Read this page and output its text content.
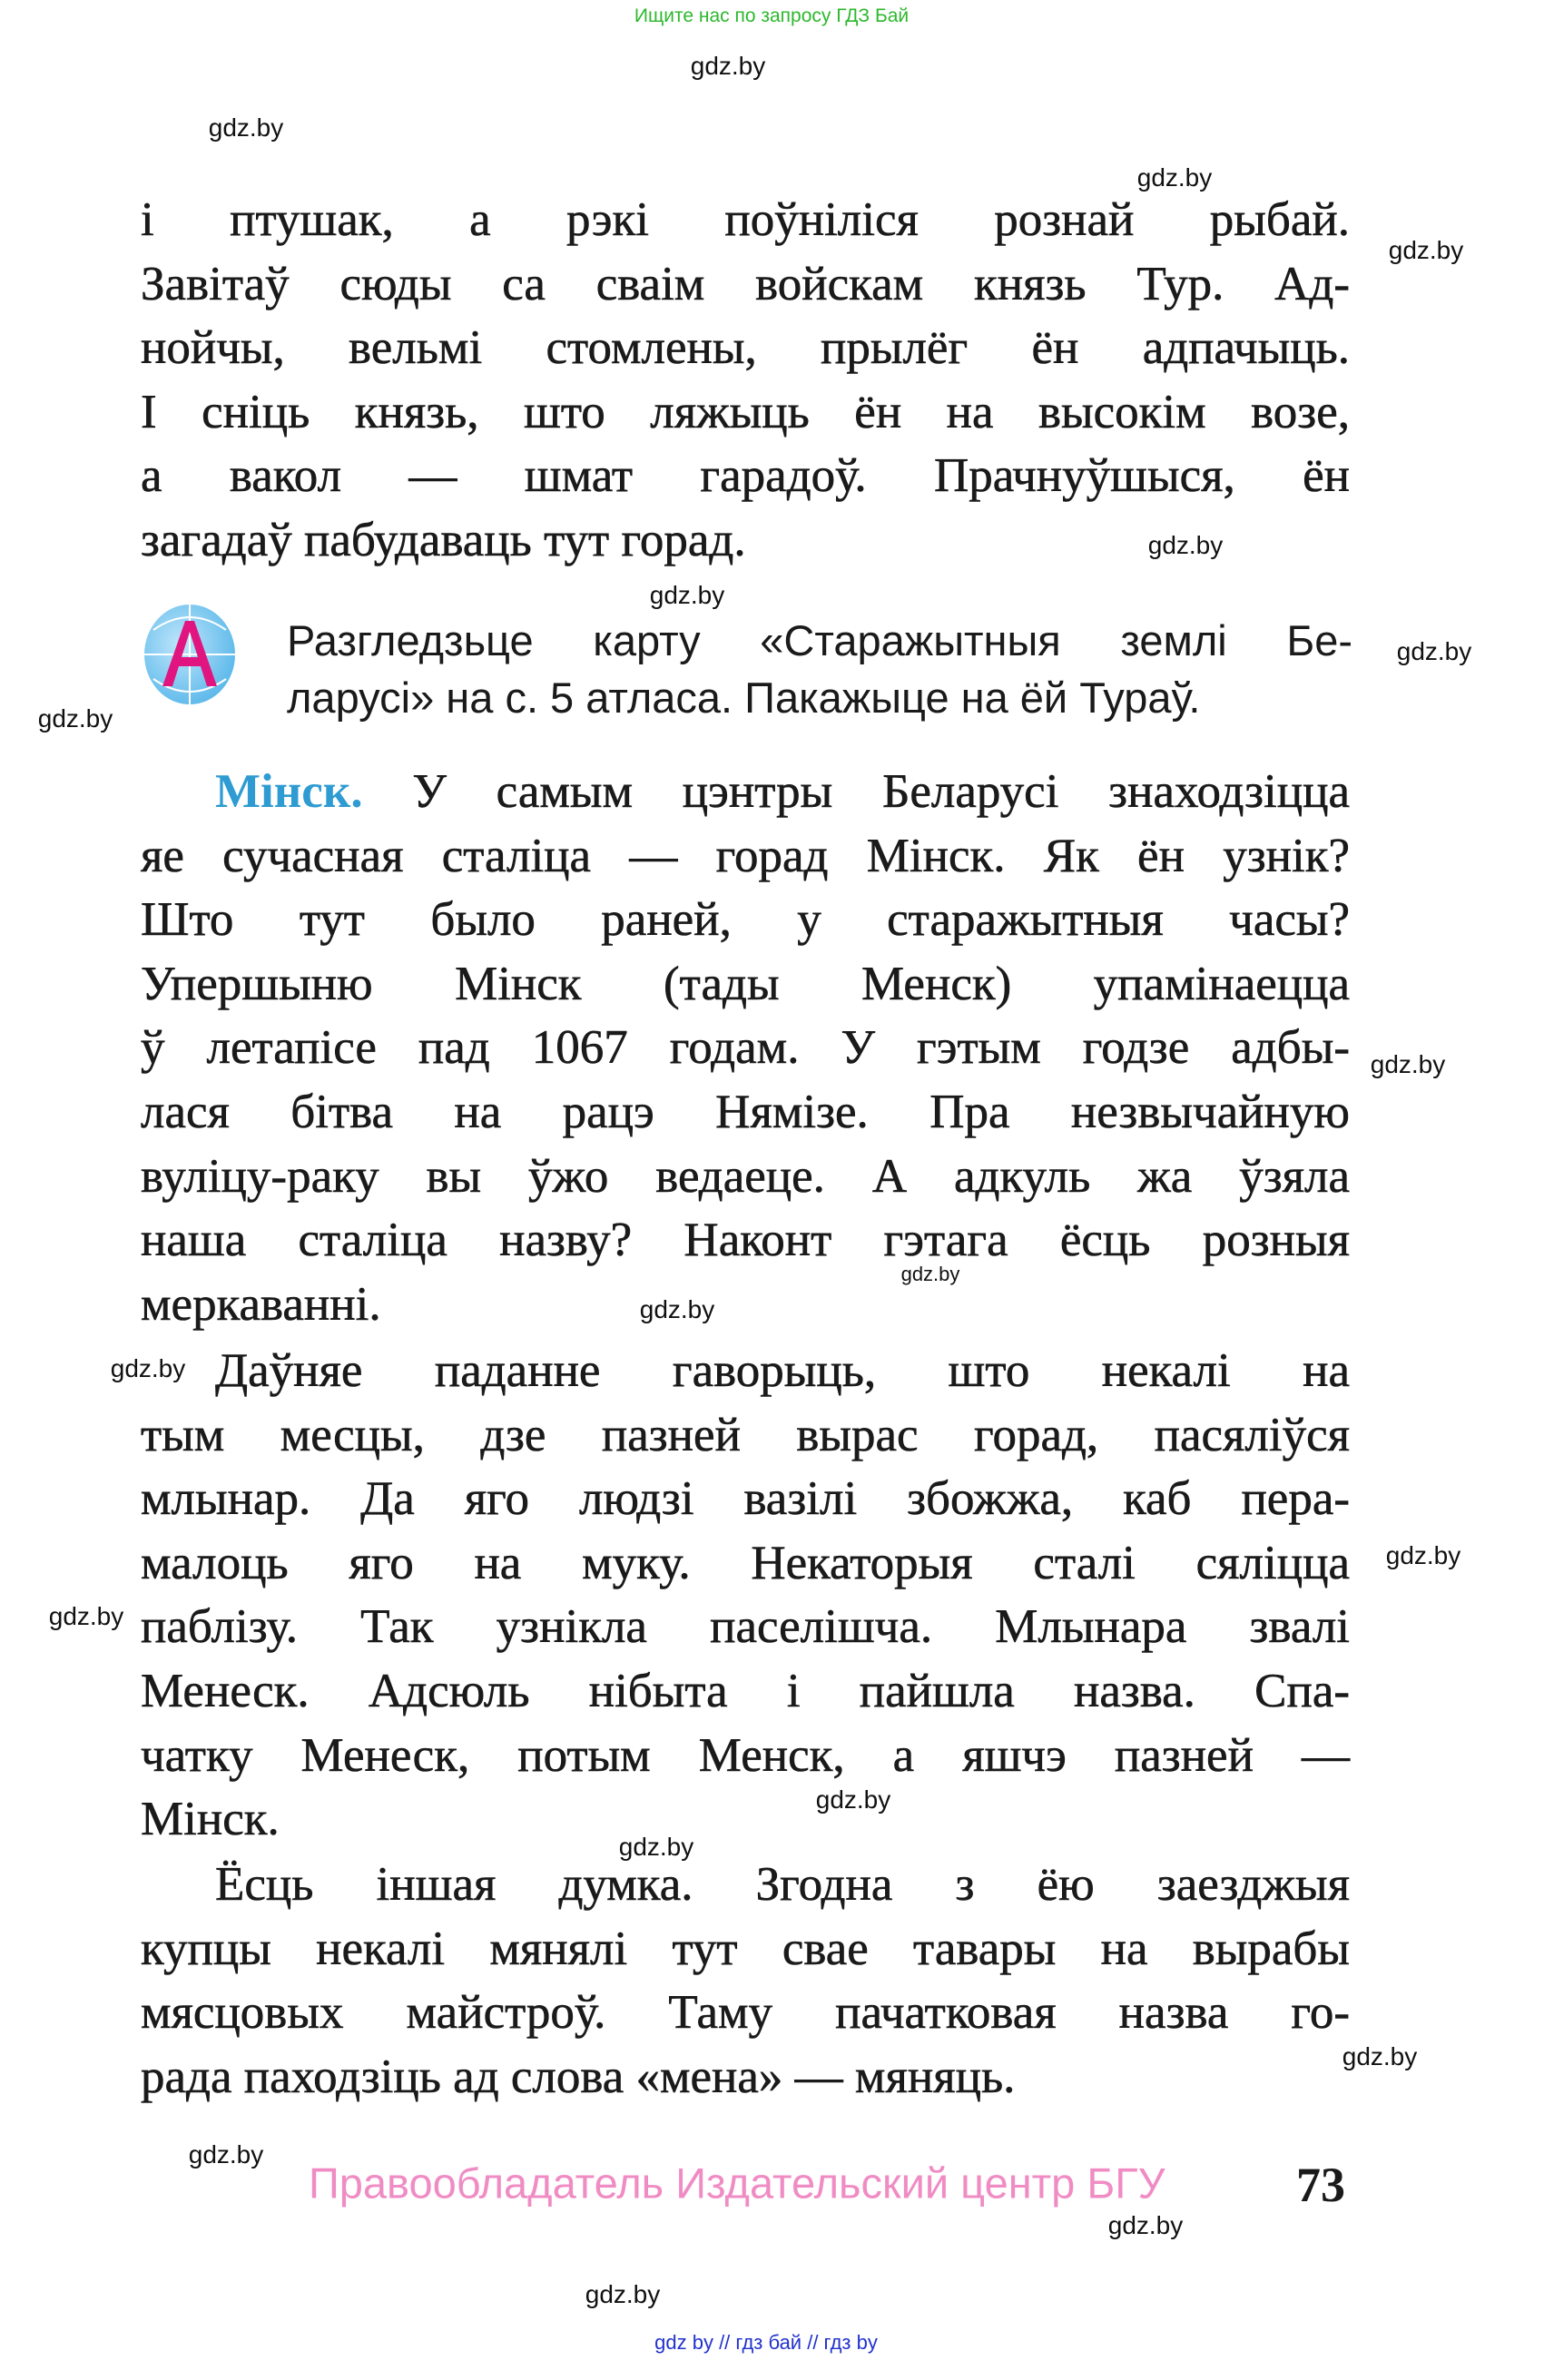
Ищите нас по запросу ГДЗ Бай
gdz.by
gdz.by
gdz.by
gdz.by
gdz.by
gdz.by
gdz.by
gdz.by
gdz.by
gdz.by
gdz.by
gdz.by
gdz.by
gdz.by
gdz.by
gdz.by
gdz.by
gdz.by
gdz.by
gdz.by
і птушак, а рэкі поўніліся рознай рыбай.
Завітаў сюды са сваім войскам князь Тур. Ад-
нойчы, вельмі стомлены, прылёг ён адпачыць.
І сніць князь, што ляжыць ён на высокім возе,
а вакол — шмат гарадоў. Прачнуўшыся, ён
загадаў пабудаваць тут горад.
Разгледзьце карту «Старажытныя землі Бе-
ларусі» на с. 5 атласа. Пакажыце на ёй Тураў.
Мінск. У самым цэнтры Беларусі знаходзіцца
яе сучасная сталіца — горад Мінск. Як ён узнік?
Што тут было раней, у старажытныя часы?
Упершыню Мінск (тады Менск) упамінаецца
ў летапісе пад 1067 годам. У гэтым годзе адбы-
лася бітва на рацэ Нямізе. Пра незвычайную
вуліцу-раку вы ўжо ведаеце. А адкуль жа ўзяла
наша сталіца назву? Наконт гэтага ёсць розныя
меркаванні.
Даўняе паданне гаворыць, што некалі на
тым месцы, дзе пазней вырас горад, пасяліўся
млынар. Да яго людзі вазілі збожжа, каб пера-
малоць яго на муку. Некаторыя сталі сяліцца
паблізу. Так узнікла паселішча. Млынара звалі
Менеск. Адсюль нібыта і пайшла назва. Спа-
чатку Менеск, потым Менск, а яшчэ пазней —
Мінск.
Ёсць іншая думка. Згодна з ёю заезджыя
купцы некалі мянялі тут свае тавары на вырабы
мясцовых майстроў. Таму пачатковая назва го-
рада паходзіць ад слова «мена» — мяняць.
Правообладатель Издательский центр БГУ	73
gdz by // гдз бай // гдз by
